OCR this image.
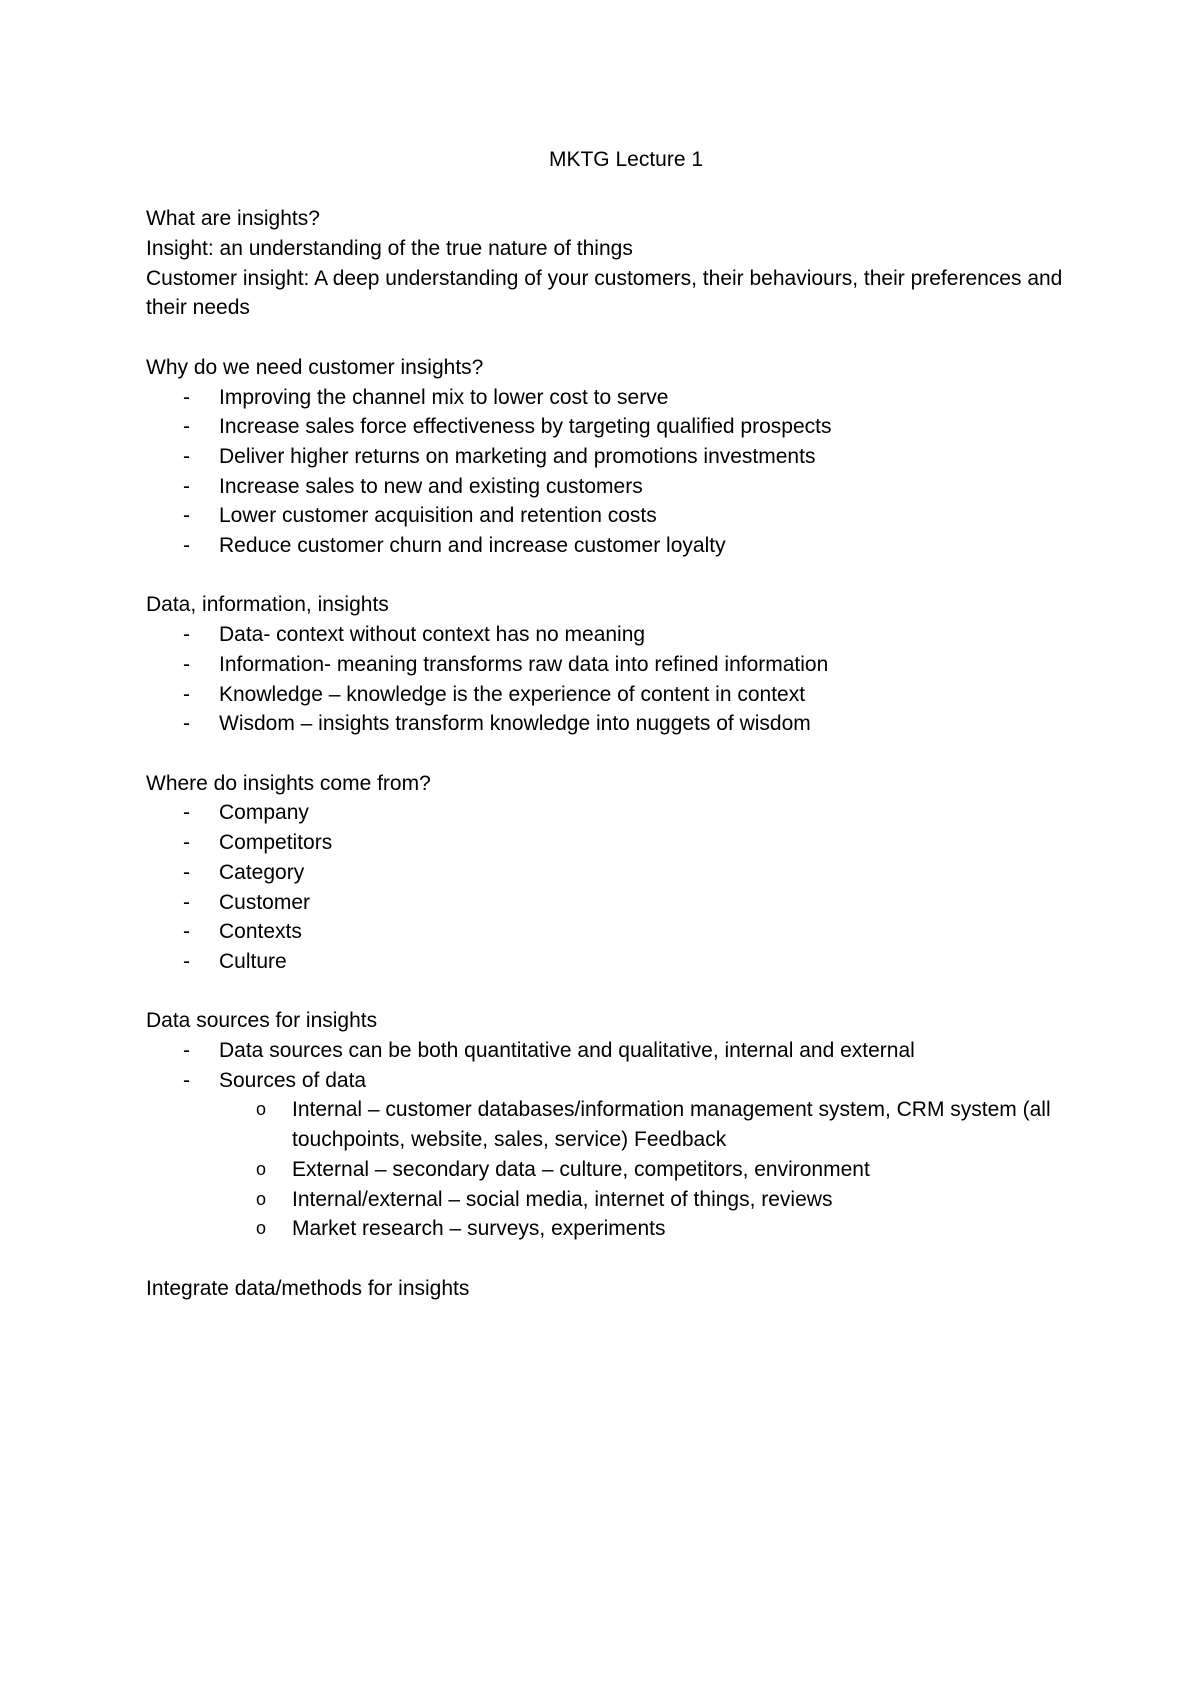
MKTG Lecture 1

What are insights?

Insight: an understanding of the true nature of things

Customer insight: A deep understanding of your customers, their behaviours, their preferences and their needs

Why do we need customer insights?

- Improving the channel mix to lower cost to serve
- Increase sales force effectiveness by targeting qualified prospects
- Deliver higher returns on marketing and promotions investments
- Increase sales to new and existing customers
- Lower customer acquisition and retention costs
- Reduce customer churn and increase customer loyalty

Data, information, insights

- Data- context without context has no meaning
- Information- meaning transforms raw data into refined information
- Knowledge – knowledge is the experience of content in context
- Wisdom – insights transform knowledge into nuggets of wisdom

Where do insights come from?

- Company
- Competitors
- Category
- Customer
- Contexts
- Culture

Data sources for insights

- Data sources can be both quantitative and qualitative, internal and external
- Sources of data
o Internal – customer databases/information management system, CRM system (all touchpoints, website, sales, service) Feedback
o External – secondary data – culture, competitors, environment
o Internal/external – social media, internet of things, reviews
o Market research – surveys, experiments

Integrate data/methods for insights
